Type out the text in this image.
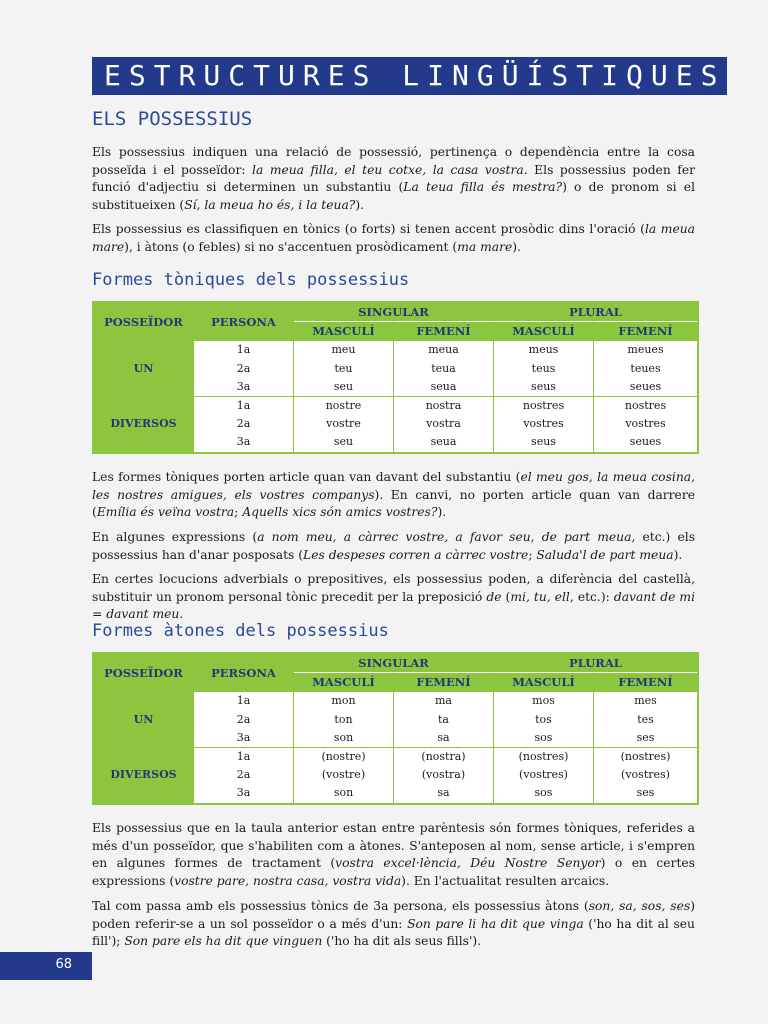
ESTRUCTURES LINGÜÍSTIQUES
ELS POSSESSIUS

Els possessius indiquen una relació de possessió, pertinença o dependència entre la cosa posseïda i el posseïdor: la meua filla, el teu cotxe, la casa vostra. Els possessius poden fer funció d'adjectiu si determinen un substantiu (La teua filla és mestra?) o de pronom si el substitueixen (Sí, la meua ho és, i la teua?).

Els possessius es classifiquen en tònics (o forts) si tenen accent prosòdic dins l'oració (la meua mare), i àtons (o febles) si no s'accentuen prosòdicament (ma mare).

Formes tòniques dels possessius
POSSEÏDOR	PERSONA	SINGULAR		PLURAL	
		MASCULÍ	FEMENÍ	MASCULÍ	FEMENÍ
UN	1a	meu	meua	meus	meues
	2a	teu	teua	teus	teues
	3a	seu	seua	seus	seues
DIVERSOS	1a	nostre	nostra	nostres	nostres
	2a	vostre	vostra	vostres	vostres
	3a	seu	seua	seus	seues

Les formes tòniques porten article quan van davant del substantiu (el meu gos, la meua cosina, les nostres amigues, els vostres companys). En canvi, no porten article quan van darrere (Emília és veïna vostra; Aquells xics són amics vostres?).

En algunes expressions (a nom meu, a càrrec vostre, a favor seu, de part meua, etc.) els possessius han d'anar posposats (Les despeses corren a càrrec vostre; Saluda'l de part meua).

En certes locucions adverbials o prepositives, els possessius poden, a diferència del castellà, substituir un pronom personal tònic precedit per la preposició de (mi, tu, ell, etc.): davant de mi = davant meu.

Formes àtones dels possessius
POSSEÏDOR	PERSONA	SINGULAR		PLURAL	
		MASCULÍ	FEMENÍ	MASCULÍ	FEMENÍ
UN	1a	mon	ma	mos	mes
	2a	ton	ta	tos	tes
	3a	son	sa	sos	ses
DIVERSOS	1a	(nostre)	(nostra)	(nostres)	(nostres)
	2a	(vostre)	(vostra)	(vostres)	(vostres)
	3a	son	sa	sos	ses

Els possessius que en la taula anterior estan entre parèntesis són formes tòniques, referides a més d'un posseïdor, que s'habiliten com a àtones. S'anteposen al nom, sense article, i s'empren en algunes formes de tractament (vostra excel·lència, Déu Nostre Senyor) o en certes expressions (vostre pare, nostra casa, vostra vida). En l'actualitat resulten arcaics.

Tal com passa amb els possessius tònics de 3a persona, els possessius àtons (son, sa, sos, ses) poden referir-se a un sol posseïdor o a més d'un: Son pare li ha dit que vinga ('ho ha dit al seu fill'); Son pare els ha dit que vinguen ('ho ha dit als seus fills').

68
